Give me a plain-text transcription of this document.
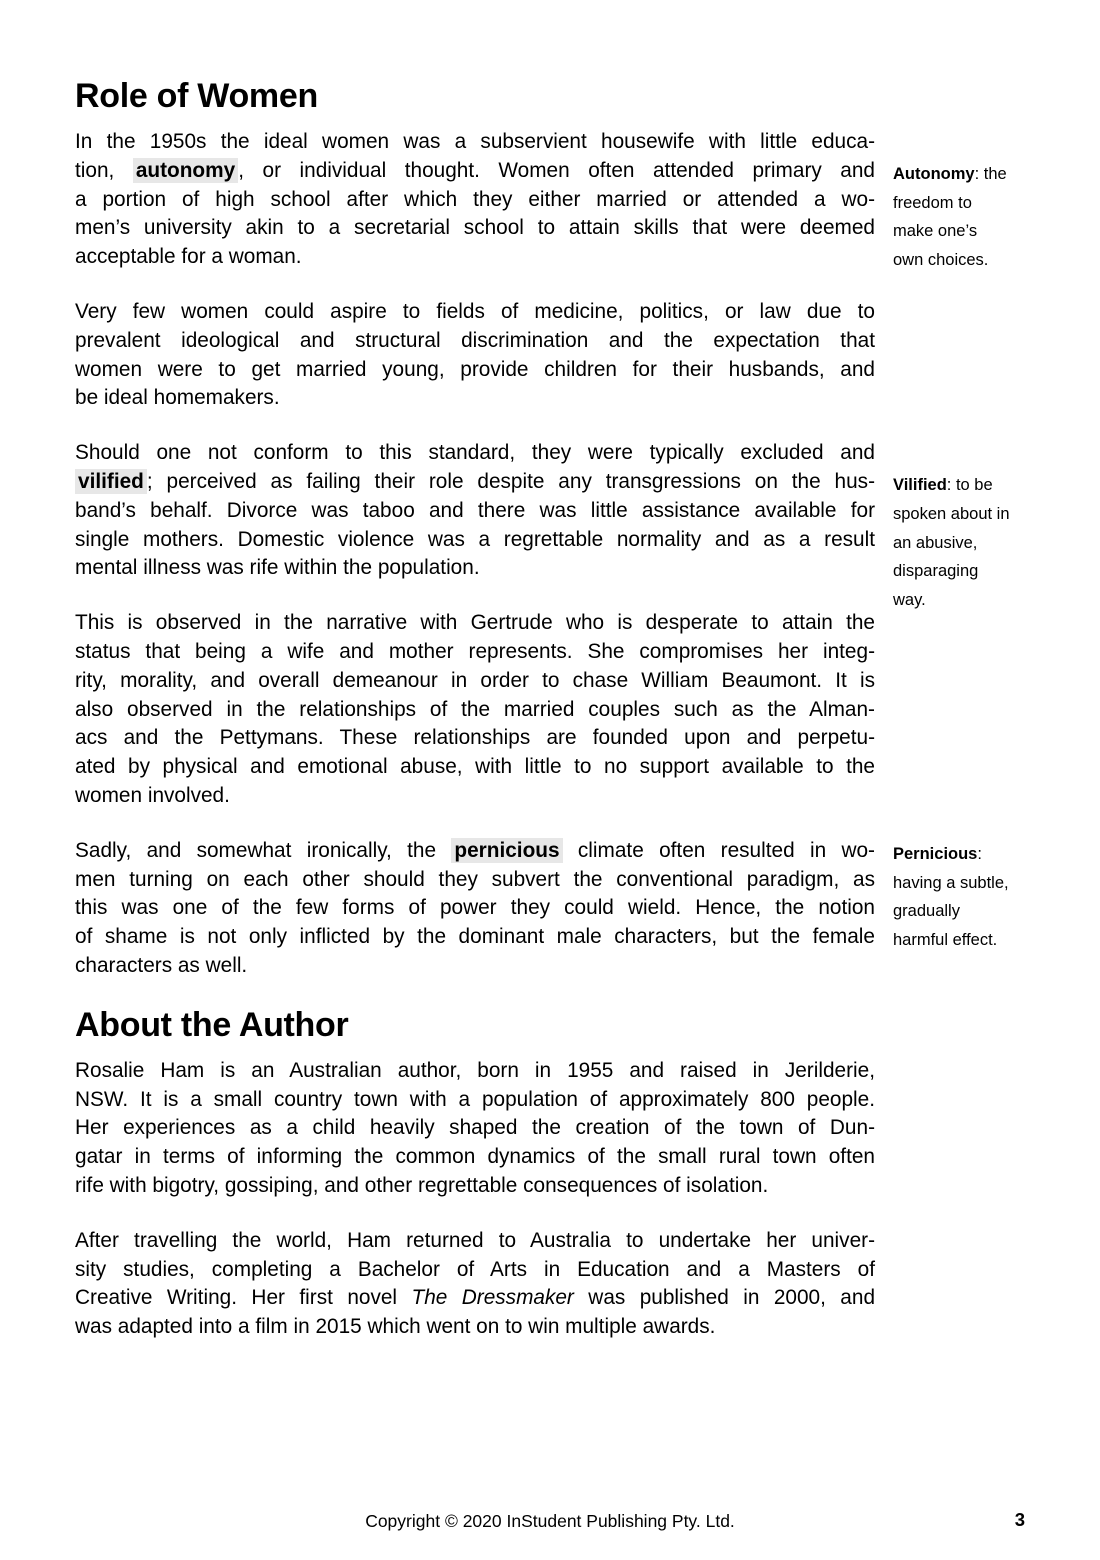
Role of Women
In the 1950s the ideal women was a subservient housewife with little educa-
tion, autonomy , or individual thought. Women often attended primary and
a portion of high school after which they either married or attended a wo-
men’s university akin to a secretarial school to attain skills that were deemed
acceptable for a woman.
Very few women could aspire to fields of medicine, politics, or law due to
prevalent ideological and structural discrimination and the expectation that
women were to get married young, provide children for their husbands, and
be ideal homemakers.
Should one not conform to this standard, they were typically excluded and
vilified ; perceived as failing their role despite any transgressions on the hus-
band’s behalf. Divorce was taboo and there was little assistance available for
single mothers. Domestic violence was a regrettable normality and as a result
mental illness was rife within the population.
This is observed in the narrative with Gertrude who is desperate to attain the
status that being a wife and mother represents. She compromises her integ-
rity, morality, and overall demeanour in order to chase William Beaumont. It is
also observed in the relationships of the married couples such as the Alman-
acs and the Pettymans. These relationships are founded upon and perpetu-
ated by physical and emotional abuse, with little to no support available to the
women involved.
Sadly, and somewhat ironically, the pernicious climate often resulted in wo-
men turning on each other should they subvert the conventional paradigm, as
this was one of the few forms of power they could wield. Hence, the notion
of shame is not only inflicted by the dominant male characters, but the female
characters as well.
About the Author
Rosalie Ham is an Australian author, born in 1955 and raised in Jerilderie,
NSW. It is a small country town with a population of approximately 800 people.
Her experiences as a child heavily shaped the creation of the town of Dun-
gatar in terms of informing the common dynamics of the small rural town often
rife with bigotry, gossiping, and other regrettable consequences of isolation.
After travelling the world, Ham returned to Australia to undertake her univer-
sity studies, completing a Bachelor of Arts in Education and a Masters of
Creative Writing. Her first novel The Dressmaker was published in 2000, and
was adapted into a film in 2015 which went on to win multiple awards.
Copyright © 2020 InStudent Publishing Pty. Ltd.	3
Autonomy: the
freedom to
make one’s
own choices.
Vilified: to be
spoken about in
an abusive,
disparaging
way.
Pernicious:
having a subtle,
gradually
harmful effect.
